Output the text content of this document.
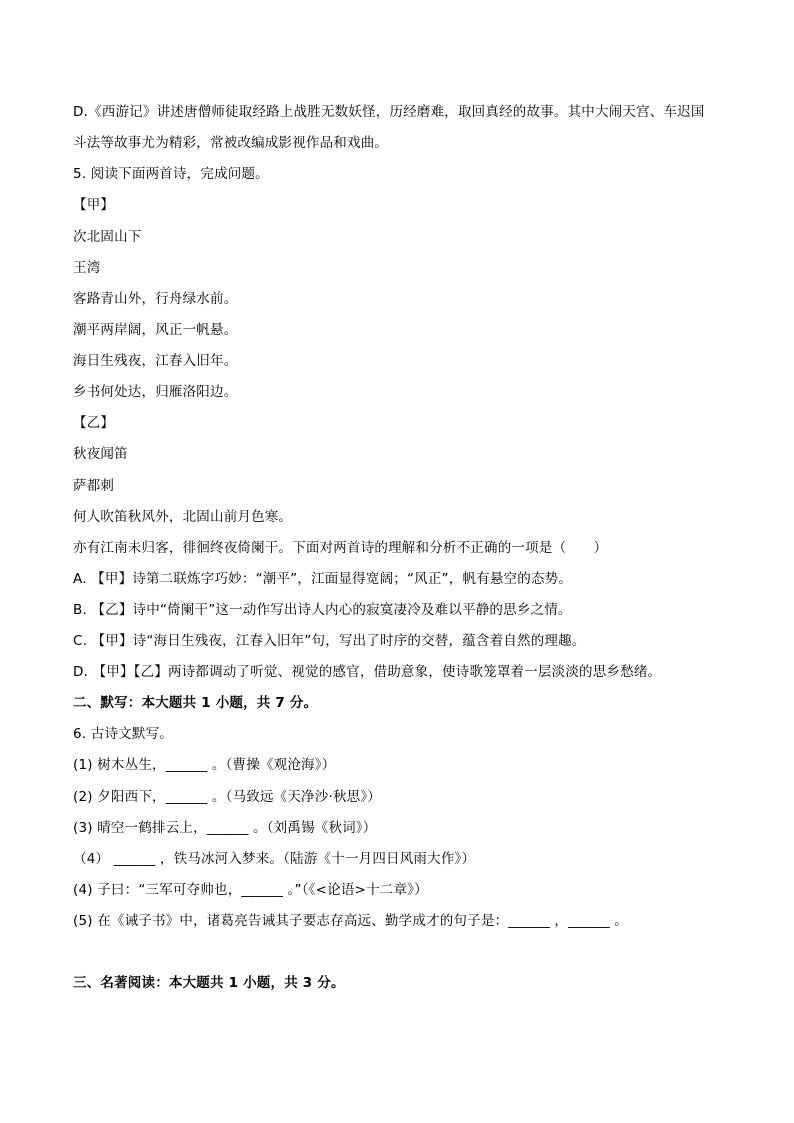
D.《西游记》讲述唐僧师徒取经路上战胜无数妖怪，历经磨难，取回真经的故事。其中大闹天宫、车迟国
斗法等故事尤为精彩，常被改编成影视作品和戏曲。
5. 阅读下面两首诗，完成问题。
【甲】
次北固山下
王湾
客路青山外，行舟绿水前。
潮平两岸阔，风正一帆悬。
海日生残夜，江春入旧年。
乡书何处达，归雁洛阳边。
【乙】
秋夜闻笛
萨都刺
何人吹笛秋风外，北固山前月色寒。
亦有江南未归客，徘徊终夜倚阑干。下面对两首诗的理解和分析不正确的一项是（　　）
A. 【甲】诗第二联炼字巧妙：“潮平”，江面显得宽阔；“风正”，帆有悬空的态势。
B. 【乙】诗中“倚阑干”这一动作写出诗人内心的寂寞凄冷及难以平静的思乡之情。
C. 【甲】诗“海日生残夜，江春入旧年”句，写出了时序的交替，蕴含着自然的理趣。
D. 【甲】【乙】两诗都调动了听觉、视觉的感官，借助意象，使诗歌笼罩着一层淡淡的思乡愁绪。
二、默写：本大题共 1 小题，共 7 分。
6. 古诗文默写。
(1) 树木丛生，______ 。（曹操《观沧海》）
(2) 夕阳西下，______ 。（马致远《天净沙·秋思》）
(3) 晴空一鹤排云上，______ 。（刘禹锡《秋词》）
（4） ______ ，铁马冰河入梦来。（陆游《十一月四日风雨大作》）
(4) 子曰：“三军可夺帅也，______ 。”（《<论语>十二章》）
(5) 在《诫子书》中，诸葛亮告诫其子要志存高远、勤学成才的句子是：______ ，______ 。
三、名著阅读：本大题共 1 小题，共 3 分。
